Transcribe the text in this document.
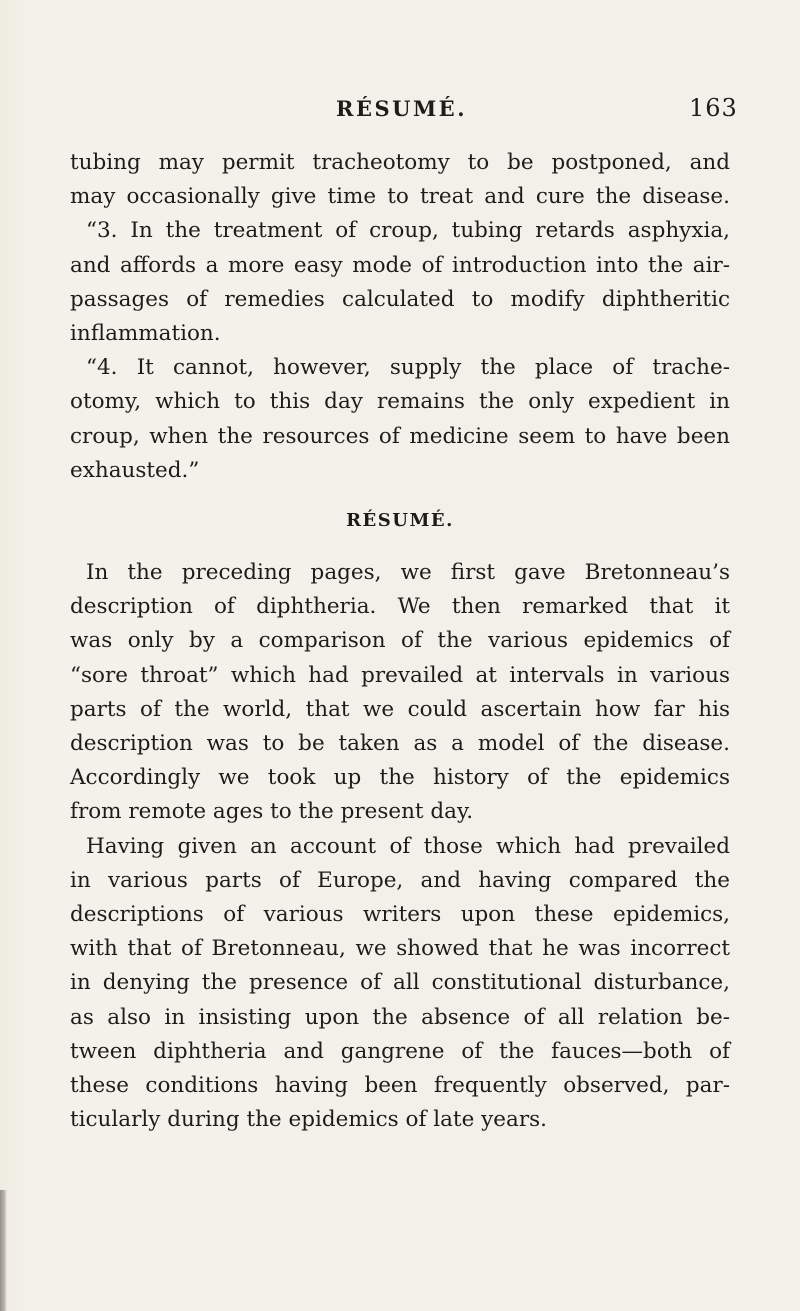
RÉSUMÉ.	163
tubing may permit tracheotomy to be postponed, and
may occasionally give time to treat and cure the disease.
“3. In the treatment of croup, tubing retards asphyxia,
and affords a more easy mode of introduction into the air-
passages of remedies calculated to modify diphtheritic
inflammation.
“4. It cannot, however, supply the place of trache-
otomy, which to this day remains the only expedient in
croup, when the resources of medicine seem to have been
exhausted.”
RÉSUMÉ.
In the preceding pages, we first gave Bretonneau’s
description of diphtheria. We then remarked that it
was only by a comparison of the various epidemics of
“sore throat” which had prevailed at intervals in various
parts of the world, that we could ascertain how far his
description was to be taken as a model of the disease.
Accordingly we took up the history of the epidemics
from remote ages to the present day.
Having given an account of those which had prevailed
in various parts of Europe, and having compared the
descriptions of various writers upon these epidemics,
with that of Bretonneau, we showed that he was incorrect
in denying the presence of all constitutional disturbance,
as also in insisting upon the absence of all relation be-
tween diphtheria and gangrene of the fauces—both of
these conditions having been frequently observed, par-
ticularly during the epidemics of late years.
